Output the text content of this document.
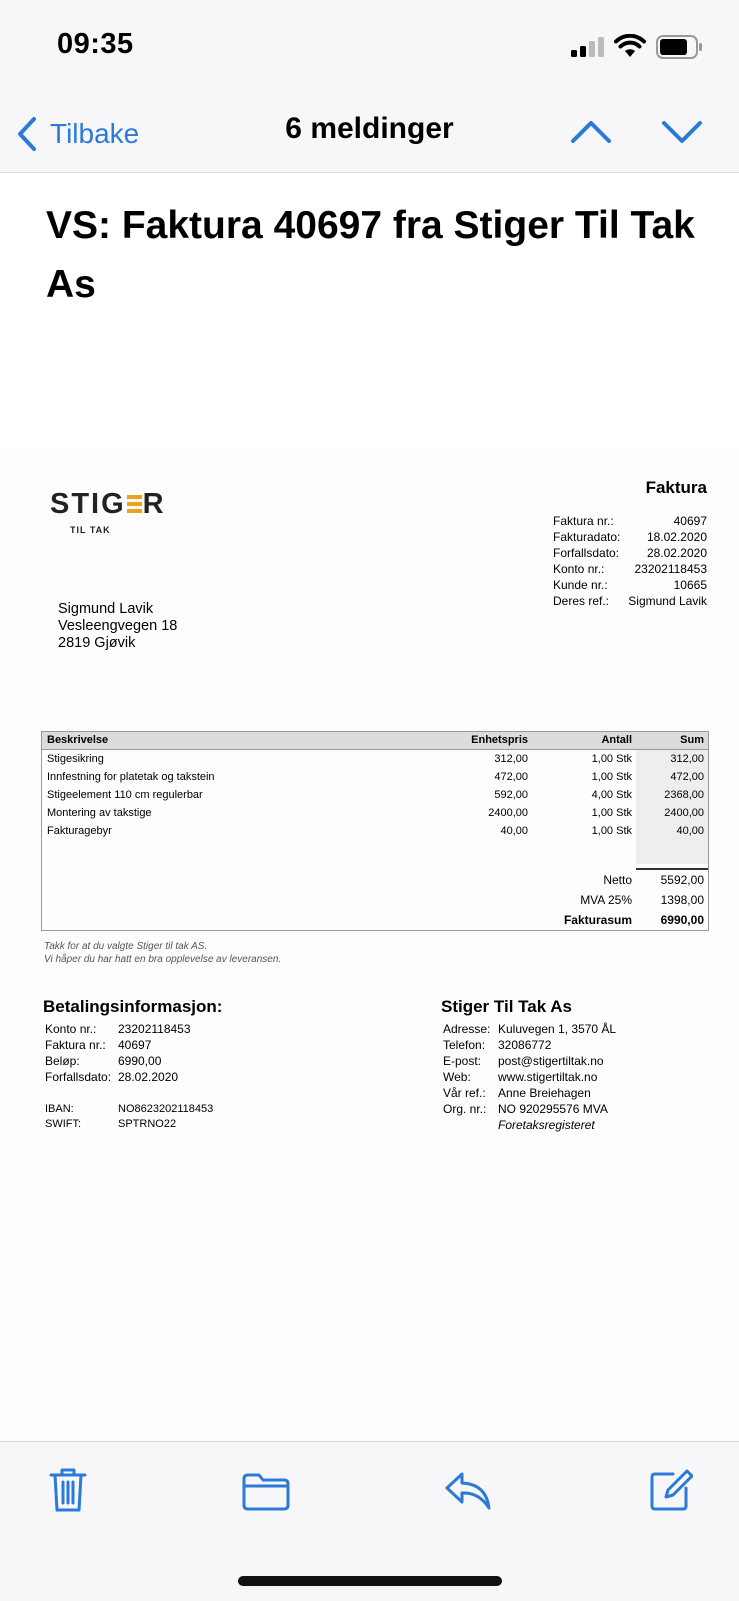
09:35
Tilbake	6 meldinger
VS: Faktura 40697 fra Stiger Til Tak As
STIG R
TIL TAK
Faktura
Faktura nr.:	40697
Fakturadato: 18.02.2020
Forfallsdato: 28.02.2020
Konto nr.:	23202118453
Kunde nr.:	10665
Deres ref.: Sigmund Lavik
Sigmund Lavik
Vesleengvegen 18
2819 Gjøvik
Beskrivelse	Enhetspris	Antall	Sum
Stigesikring	312,00	1,00 Stk	312,00
Innfestning for platetak og takstein	472,00	1,00 Stk	472,00
Stigeelement 110 cm regulerbar	592,00	4,00 Stk	2368,00
Montering av takstige	2400,00	1,00 Stk	2400,00
Fakturagebyr	40,00	1,00 Stk	40,00
Netto 5592,00
MVA 25% 1398,00
Fakturasum 6990,00
Takk for at du valgte Stiger til tak AS.
Vi håper du har hatt en bra opplevelse av leveransen.
Betalingsinformasjon:
Konto nr.: 23202118453
Faktura nr.: 40697
Beløp:	6990,00
Forfallsdato: 28.02.2020
IBAN:	NO8623202118453
SWIFT:	SPTRNO22
Stiger Til Tak As
Adresse: Kuluvegen 1, 3570 ÅL
Telefon: 32086772
E-post: post@stigertiltak.no
Web: www.stigertiltak.no
Vår ref.: Anne Breiehagen
Org. nr.: NO 920295576 MVA
Foretaksregisteret
